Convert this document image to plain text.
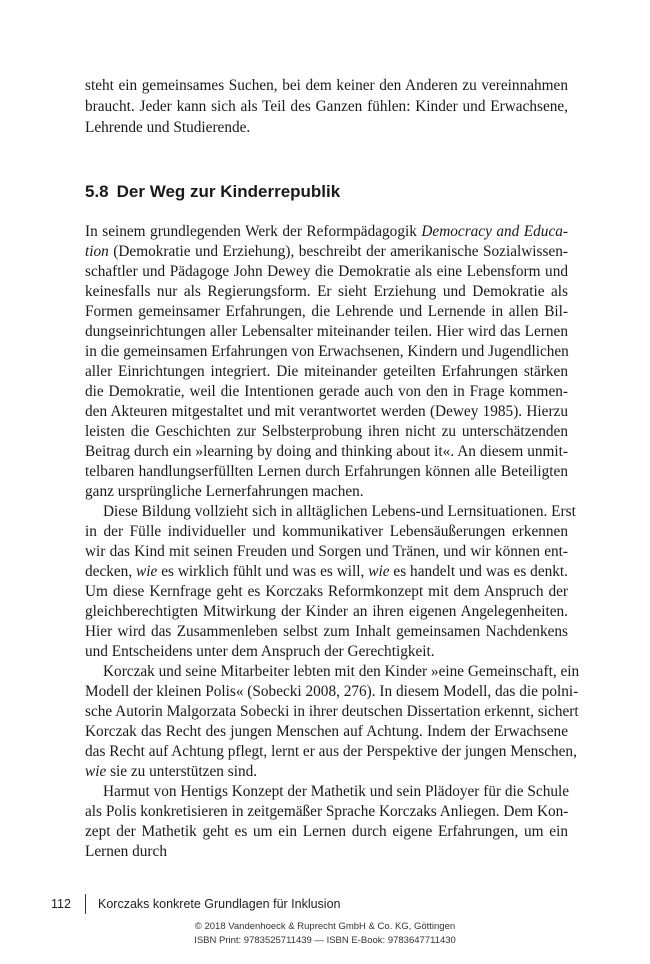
steht ein gemeinsames Suchen, bei dem keiner den Anderen zu vereinnahmen
braucht. Jeder kann sich als Teil des Ganzen fühlen: Kinder und Erwachsene,
Lehrende und Studierende.
5.8 Der Weg zur Kinderrepublik
In seinem grundlegenden Werk der Reformpädagogik Democracy and Educa-
tion (Demokratie und Erziehung), beschreibt der amerikanische Sozialwissen-
schaftler und Pädagoge John Dewey die Demokratie als eine Lebensform und
keinesfalls nur als Regierungsform. Er sieht Erziehung und Demokratie als
Formen gemeinsamer Erfahrungen, die Lehrende und Lernende in allen Bil-
dungseinrichtungen aller Lebensalter miteinander teilen. Hier wird das Lernen
in die gemeinsamen Erfahrungen von Erwachsenen, Kindern und Jugendlichen
aller Einrichtungen integriert. Die miteinander geteilten Erfahrungen stärken
die Demokratie, weil die Intentionen gerade auch von den in Frage kommen-
den Akteuren mitgestaltet und mit verantwortet werden (Dewey 1985). Hierzu
leisten die Geschichten zur Selbsterprobung ihren nicht zu unterschätzenden
Beitrag durch ein »learning by doing and thinking about it«. An diesem unmit-
telbaren handlungserfüllten Lernen durch Erfahrungen können alle Beteiligten
ganz ursprüngliche Lernerfahrungen machen.
Diese Bildung vollzieht sich in alltäglichen Lebens-und Lernsituationen. Erst
in der Fülle individueller und kommunikativer Lebensäußerungen erkennen
wir das Kind mit seinen Freuden und Sorgen und Tränen, und wir können ent-
decken, wie es wirklich fühlt und was es will, wie es handelt und was es denkt.
Um diese Kernfrage geht es Korczaks Reformkonzept mit dem Anspruch der
gleichberechtigten Mitwirkung der Kinder an ihren eigenen Angelegenheiten.
Hier wird das Zusammenleben selbst zum Inhalt gemeinsamen Nachdenkens
und Entscheidens unter dem Anspruch der Gerechtigkeit.
Korczak und seine Mitarbeiter lebten mit den Kinder »eine Gemeinschaft, ein
Modell der kleinen Polis« (Sobecki 2008, 276). In diesem Modell, das die polni-
sche Autorin Malgorzata Sobecki in ihrer deutschen Dissertation erkennt, sichert
Korczak das Recht des jungen Menschen auf Achtung. Indem der Erwachsene
das Recht auf Achtung pflegt, lernt er aus der Perspektive der jungen Menschen,
wie sie zu unterstützen sind.
Harmut von Hentigs Konzept der Mathetik und sein Plädoyer für die Schule
als Polis konkretisieren in zeitgemäßer Sprache Korczaks Anliegen. Dem Kon-
zept der Mathetik geht es um ein Lernen durch eigene Erfahrungen, um ein
Lernen durch
112 Korczaks konkrete Grundlagen für Inklusion
© 2018 Vandenhoeck & Ruprecht GmbH & Co. KG, Göttingen
ISBN Print: 9783525711439 — ISBN E-Book: 9783647711430
